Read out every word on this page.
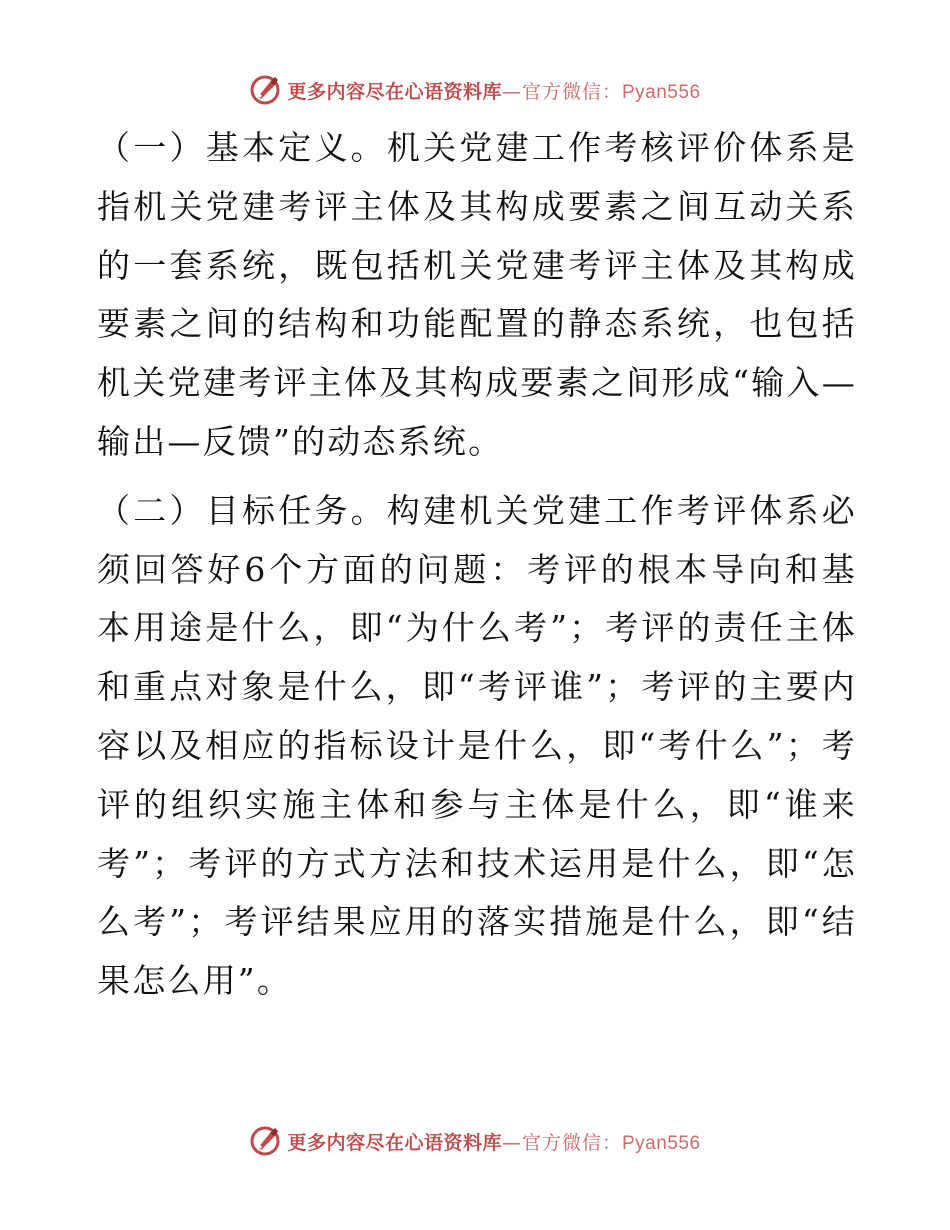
更多内容尽在心语资料库 —官方微信： Pyan556

（一）基本定义。机关党建工作考核评价体系是指机关党建考评主体及其构成要素之间互动关系的一套系统，既包括机关党建考评主体及其构成要素之间的结构和功能配置的静态系统，也包括机关党建考评主体及其构成要素之间形成“输入—输出—反馈”的动态系统。

（二）目标任务。构建机关党建工作考评体系必须回答好6个方面的问题：考评的根本导向和基本用途是什么，即“为什么考”；考评的责任主体和重点对象是什么，即“考评谁”；考评的主要内容以及相应的指标设计是什么，即“考什么”；考评的组织实施主体和参与主体是什么，即“谁来考”；考评的方式方法和技术运用是什么，即“怎么考”；考评结果应用的落实措施是什么，即“结果怎么用”。

更多内容尽在心语资料库 —官方微信： Pyan556
